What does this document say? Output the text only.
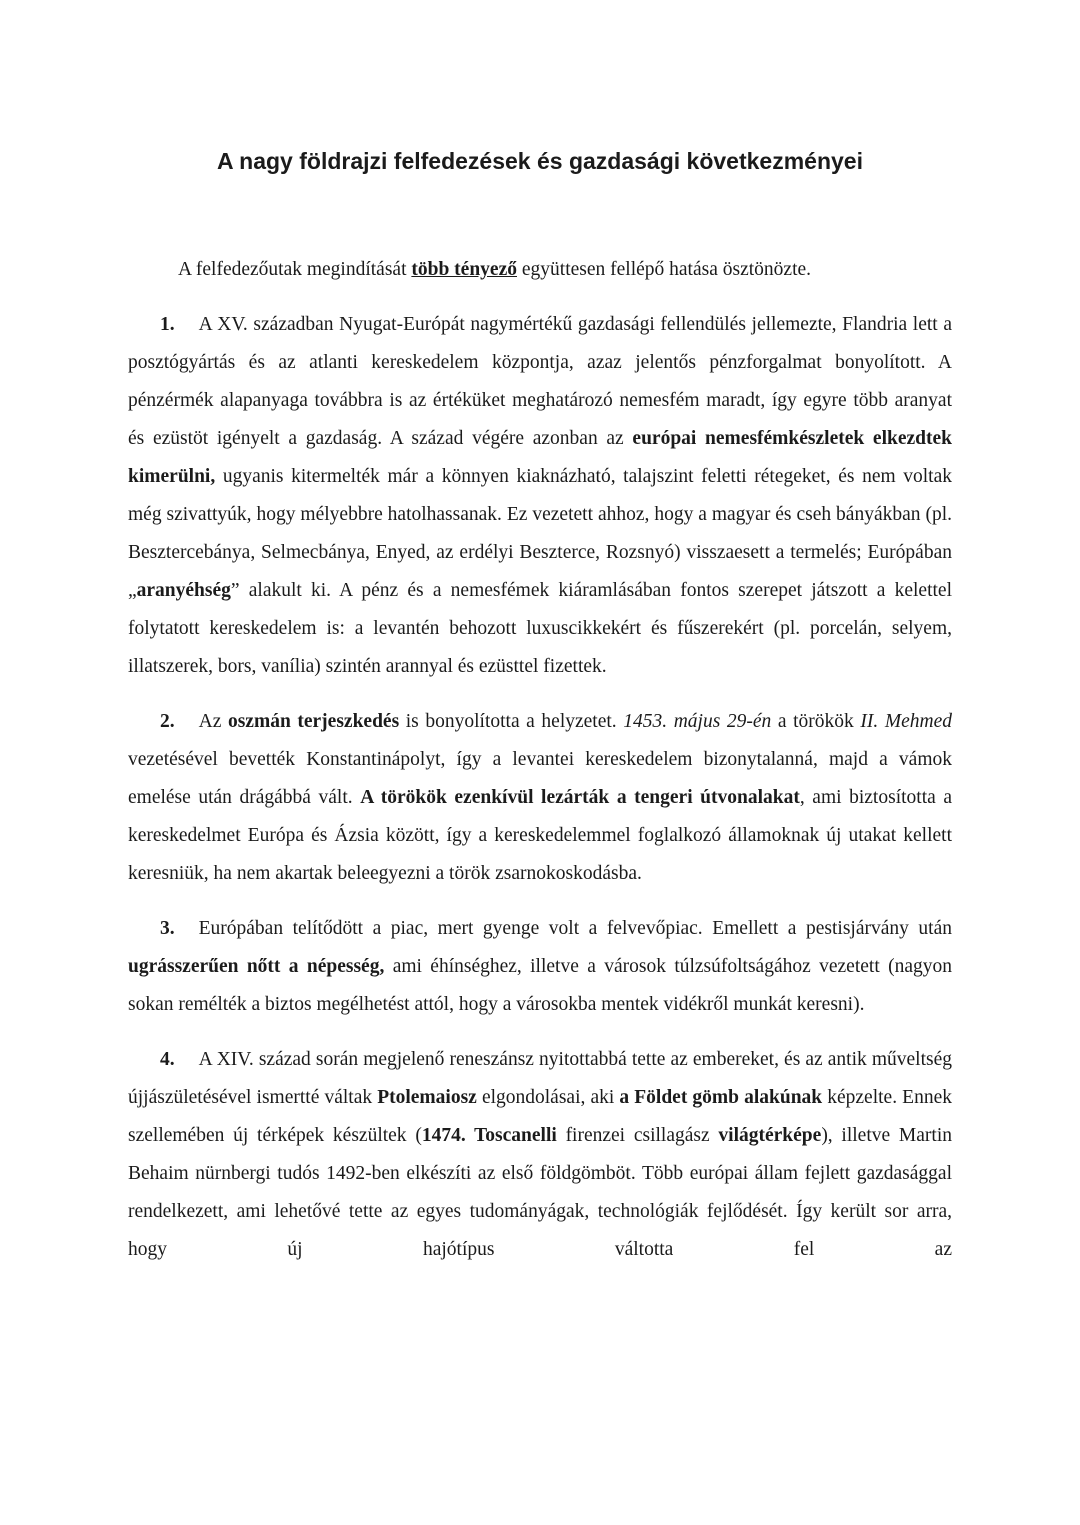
A nagy földrajzi felfedezések és gazdasági következményei

A felfedezőutak megindítását több tényező együttesen fellépő hatása ösztönözte.

1. A XV. században Nyugat-Európát nagymértékű gazdasági fellendülés jellemezte, Flandria lett a posztógyártás és az atlanti kereskedelem központja, azaz jelentős pénzforgalmat bonyolított. A pénzérmék alapanyaga továbbra is az értéküket meghatározó nemesfém maradt, így egyre több aranyat és ezüstöt igényelt a gazdaság. A század végére azonban az európai nemesfémkészletek elkezdtek kimerülni, ugyanis kitermelték már a könnyen kiaknázható, talajszint feletti rétegeket, és nem voltak még szivattyúk, hogy mélyebbre hatolhassanak. Ez vezetett ahhoz, hogy a magyar és cseh bányákban (pl. Besztercebánya, Selmecbánya, Enyed, az erdélyi Beszterce, Rozsnyó) visszaesett a termelés; Európában „aranyéhség” alakult ki. A pénz és a nemesfémek kiáramlásában fontos szerepet játszott a kelettel folytatott kereskedelem is: a levantén behozott luxuscikkekért és fűszerekért (pl. porcelán, selyem, illatszerek, bors, vanília) szintén arannyal és ezüsttel fizettek.

2. Az oszmán terjeszkedés is bonyolította a helyzetet. 1453. május 29-én a törökök II. Mehmed vezetésével bevették Konstantinápolyt, így a levantei kereskedelem bizonytalanná, majd a vámok emelése után drágábbá vált. A törökök ezenkívül lezárták a tengeri útvonalakat, ami biztosította a kereskedelmet Európa és Ázsia között, így a kereskedelemmel foglalkozó államoknak új utakat kellett keresniük, ha nem akartak beleegyezni a török zsarnokoskodásba.

3. Európában telítődött a piac, mert gyenge volt a felvevőpiac. Emellett a pestisjárvány után ugrásszerűen nőtt a népesség, ami éhínséghez, illetve a városok túlzsúfoltságához vezetett (nagyon sokan remélték a biztos megélhetést attól, hogy a városokba mentek vidékről munkát keresni).

4. A XIV. század során megjelenő reneszánsz nyitottabbá tette az embereket, és az antik műveltség újjászületésével ismertté váltak Ptolemaiosz elgondolásai, aki a Földet gömb alakúnak képzelte. Ennek szellemében új térképek készültek (1474. Toscanelli firenzei csillagász világtérképe), illetve Martin Behaim nürnbergi tudós 1492-ben elkészíti az első földgömböt. Több európai állam fejlett gazdasággal rendelkezett, ami lehetővé tette az egyes tudományágak, technológiák fejlődését. Így került sor arra, hogy új hajótípus váltotta fel az
